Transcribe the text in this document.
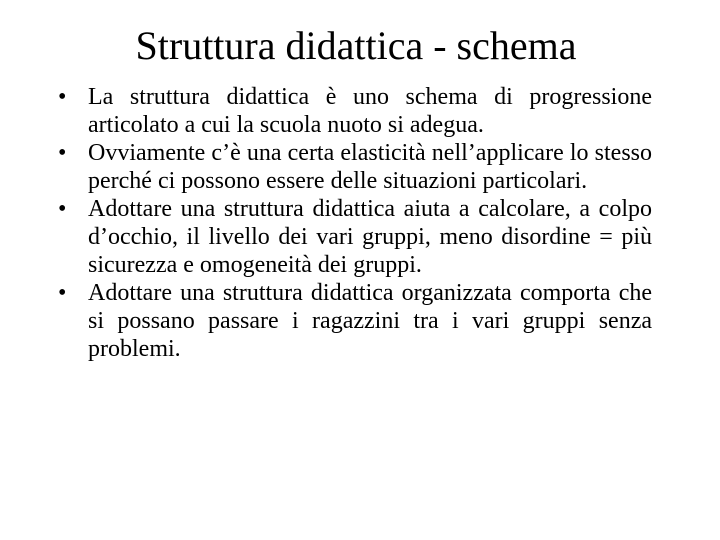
Struttura didattica - schema
• La struttura didattica è uno schema di progressione articolato a cui la scuola nuoto si adegua.
• Ovviamente c’è una certa elasticità nell’applicare lo stesso perché ci possono essere delle situazioni particolari.
• Adottare una struttura didattica aiuta a calcolare, a colpo d’occhio, il livello dei vari gruppi, meno disordine = più sicurezza e omogeneità dei gruppi.
• Adottare una struttura didattica organizzata comporta che si possano passare i ragazzini tra i vari gruppi senza problemi.
